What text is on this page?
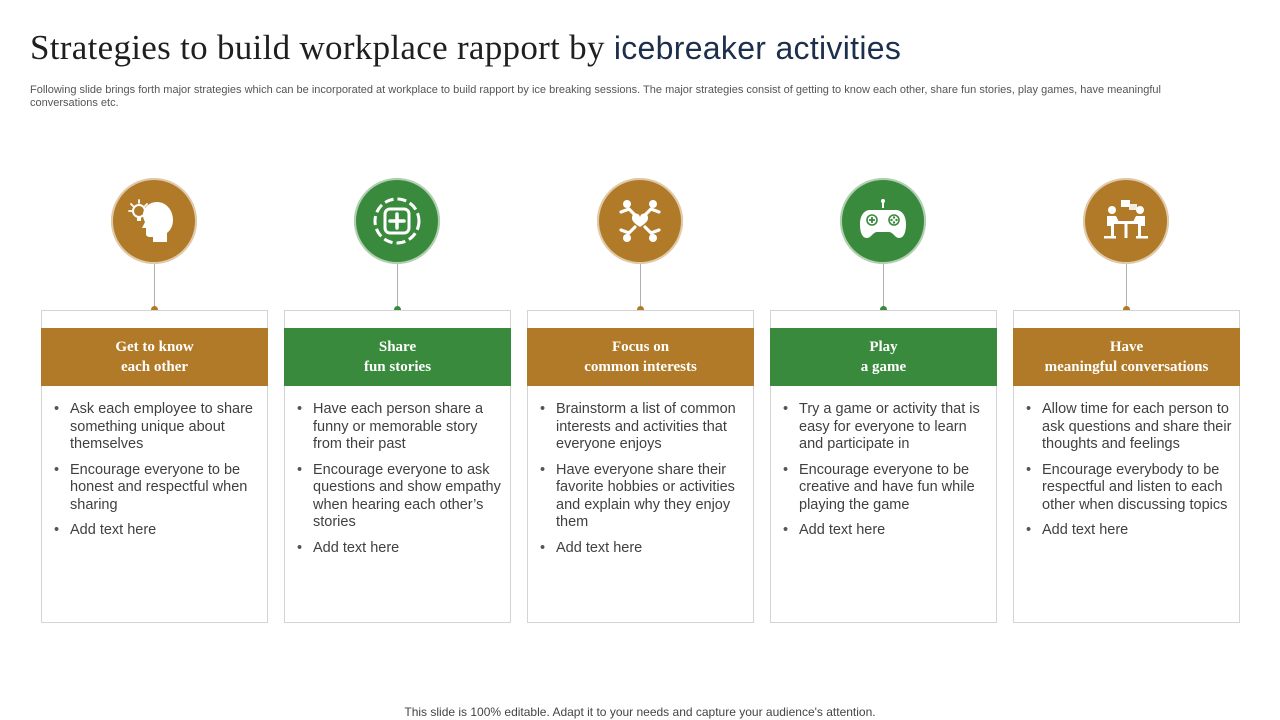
Strategies to build workplace rapport by icebreaker activities

Following slide brings forth major strategies which can be incorporated at workplace to build rapport by ice breaking sessions. The major strategies consist of getting to know each other, share fun stories, play games, have meaningful conversations etc.

Get to know
each other
• Ask each employee to share something unique about themselves
• Encourage everyone to be honest and respectful when sharing
• Add text here
Share
fun stories
• Have each person share a funny or memorable story from their past
• Encourage everyone to ask questions and show empathy when hearing each other’s stories
• Add text here
Focus on
common interests
• Brainstorm a list of common interests and activities that everyone enjoys
• Have everyone share their favorite hobbies or activities and explain why they enjoy them
• Add text here
Play
a game
• Try a game or activity that is easy for everyone to learn and participate in
• Encourage everyone to be creative and have fun while playing the game
• Add text here
Have
meaningful conversations
• Allow time for each person to ask questions and share their thoughts and feelings
• Encourage everybody to be respectful and listen to each other when discussing topics
• Add text here
This slide is 100% editable. Adapt it to your needs and capture your audience's attention.
